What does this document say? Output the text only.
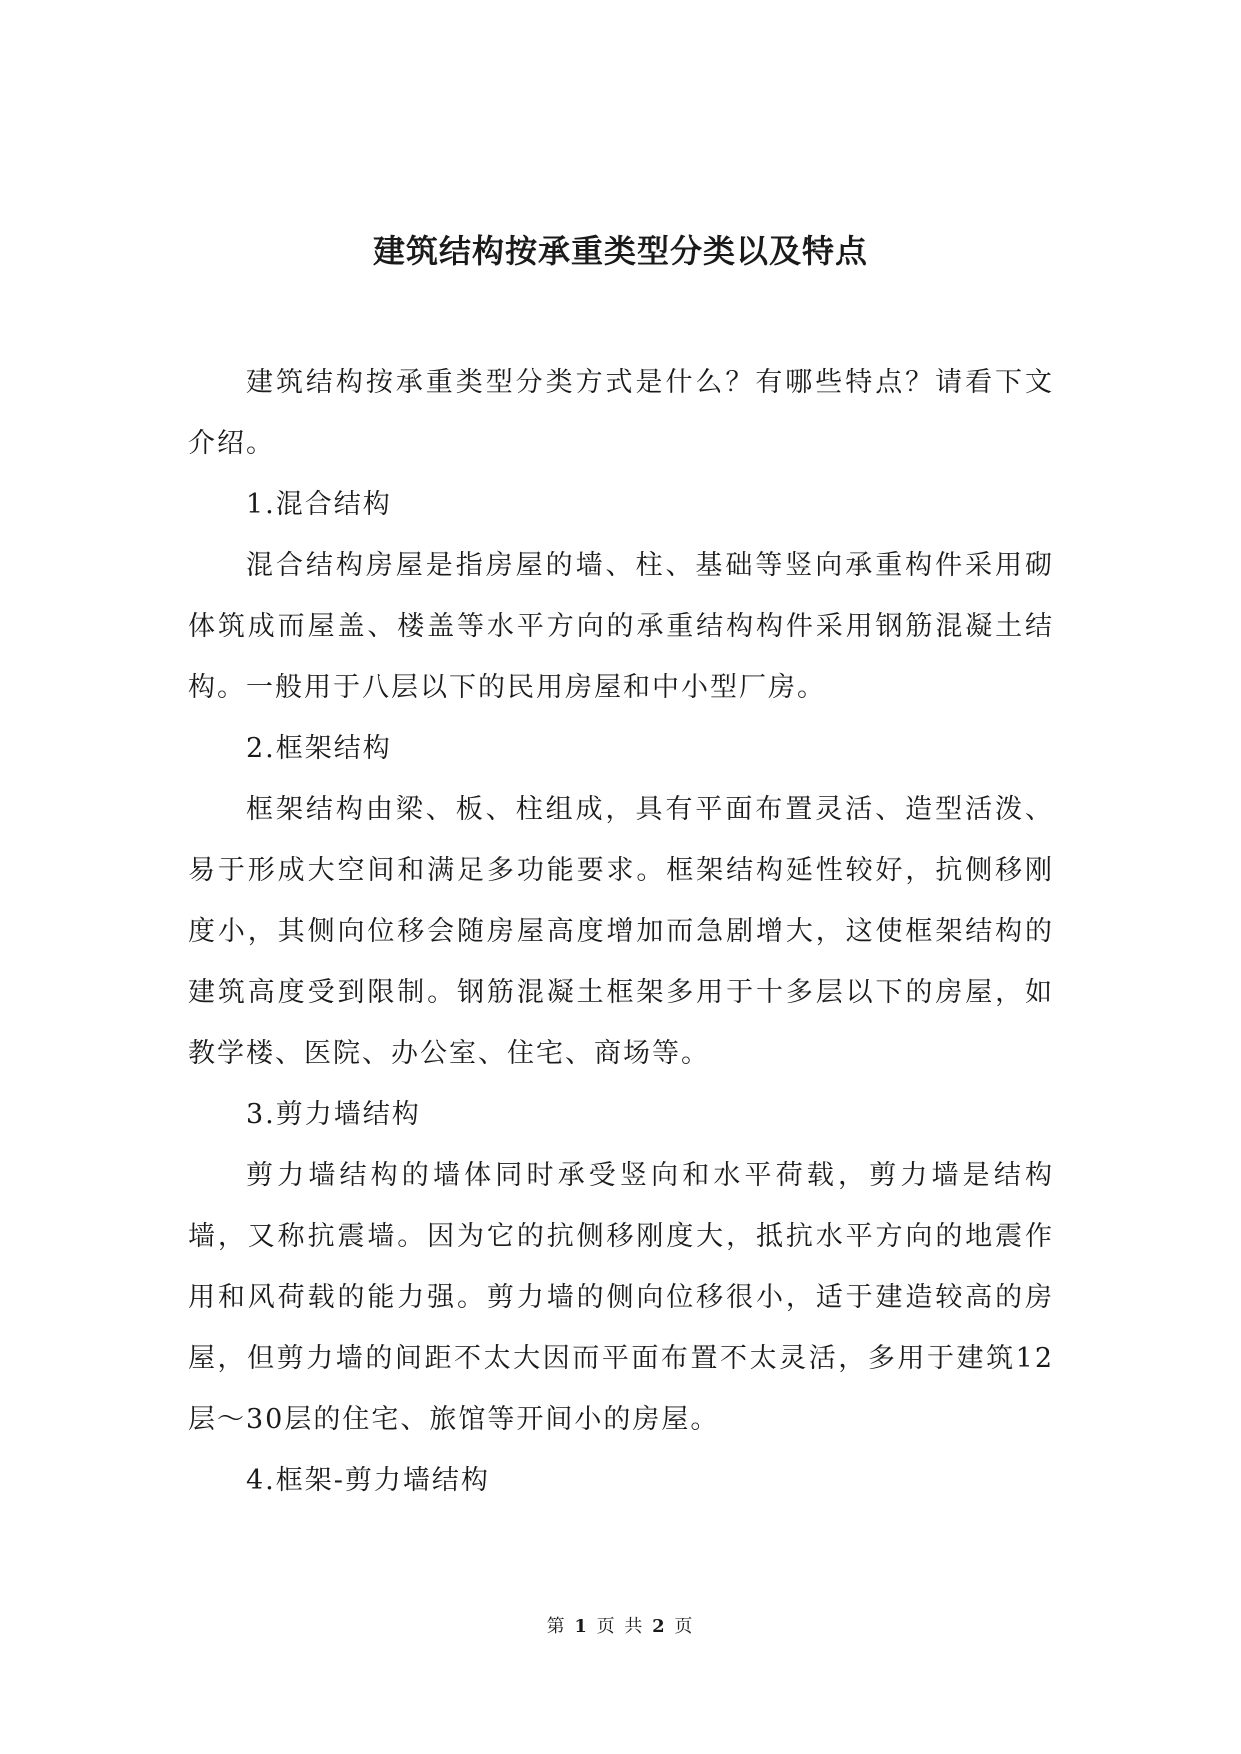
建筑结构按承重类型分类以及特点

建筑结构按承重类型分类方式是什么？有哪些特点？请看下文介绍。

1.混合结构

混合结构房屋是指房屋的墙、柱、基础等竖向承重构件采用砌体筑成而屋盖、楼盖等水平方向的承重结构构件采用钢筋混凝土结构。一般用于八层以下的民用房屋和中小型厂房。

2.框架结构

框架结构由梁、板、柱组成，具有平面布置灵活、造型活泼、易于形成大空间和满足多功能要求。框架结构延性较好，抗侧移刚度小，其侧向位移会随房屋高度增加而急剧增大，这使框架结构的建筑高度受到限制。钢筋混凝土框架多用于十多层以下的房屋，如教学楼、医院、办公室、住宅、商场等。

3.剪力墙结构

剪力墙结构的墙体同时承受竖向和水平荷载，剪力墙是结构墙，又称抗震墙。因为它的抗侧移刚度大，抵抗水平方向的地震作用和风荷载的能力强。剪力墙的侧向位移很小，适于建造较高的房屋，但剪力墙的间距不太大因而平面布置不太灵活，多用于建筑12层～30层的住宅、旅馆等开间小的房屋。

4.框架-剪力墙结构

第 1 页 共 2 页
